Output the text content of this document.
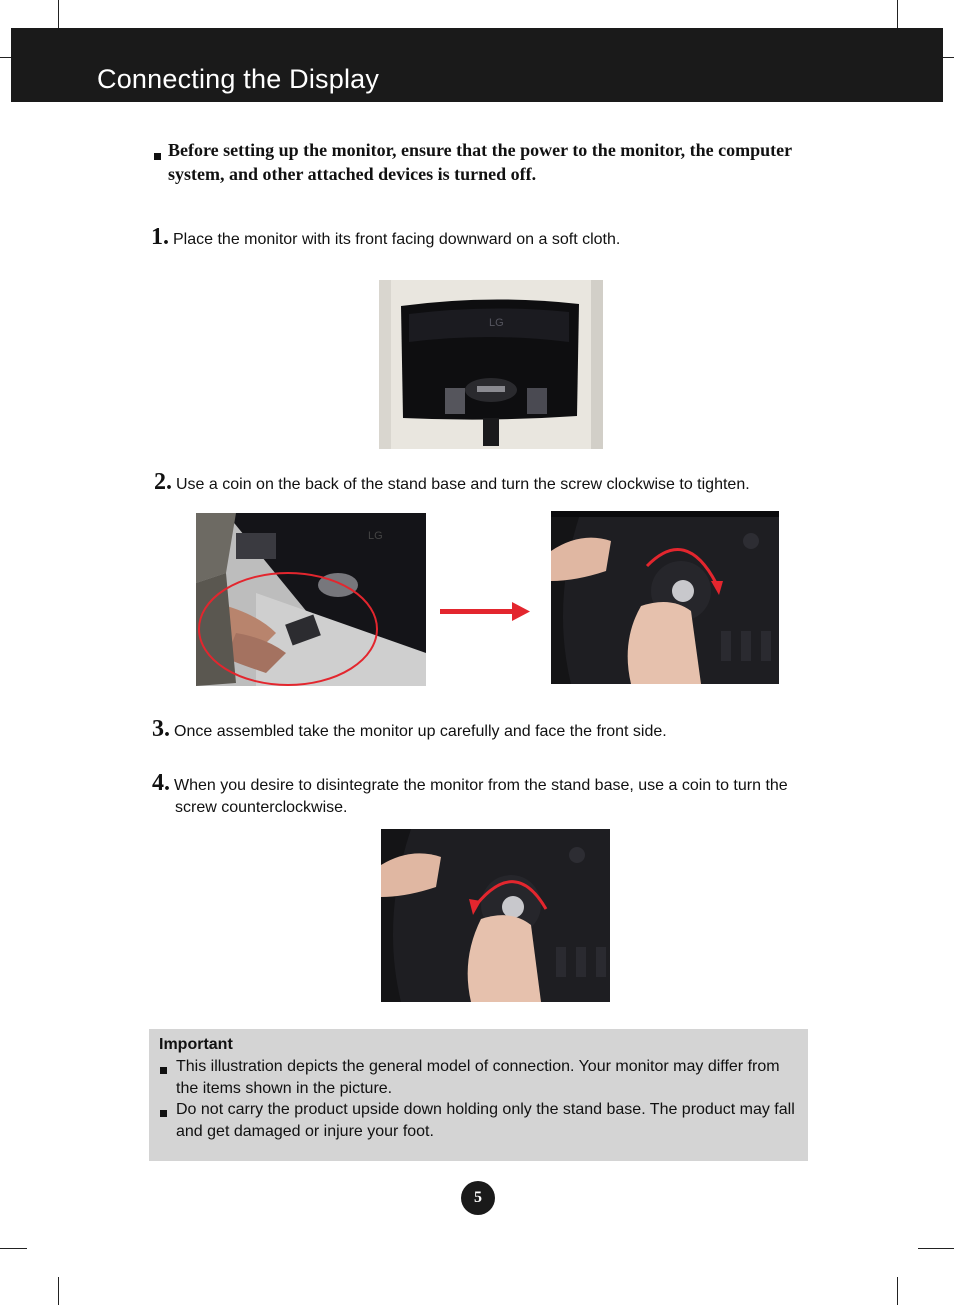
Connecting the Display
Before setting up the monitor, ensure that the power to the monitor, the computer system, and other attached devices is turned off.
1. Place the monitor with its front facing downward on a soft cloth.
LG
2. Use a coin on the back of the stand base and turn the screw clockwise to tighten.
LG
3. Once assembled take the monitor up carefully and face the front side.
4. When you desire to disintegrate the monitor from the stand base, use a coin to turn the
screw counterclockwise.
Important
This illustration depicts the general model of connection. Your monitor may differ from the items shown in the picture.
Do not carry the product upside down holding only the stand base. The product may fall and get damaged or injure your foot.
5
